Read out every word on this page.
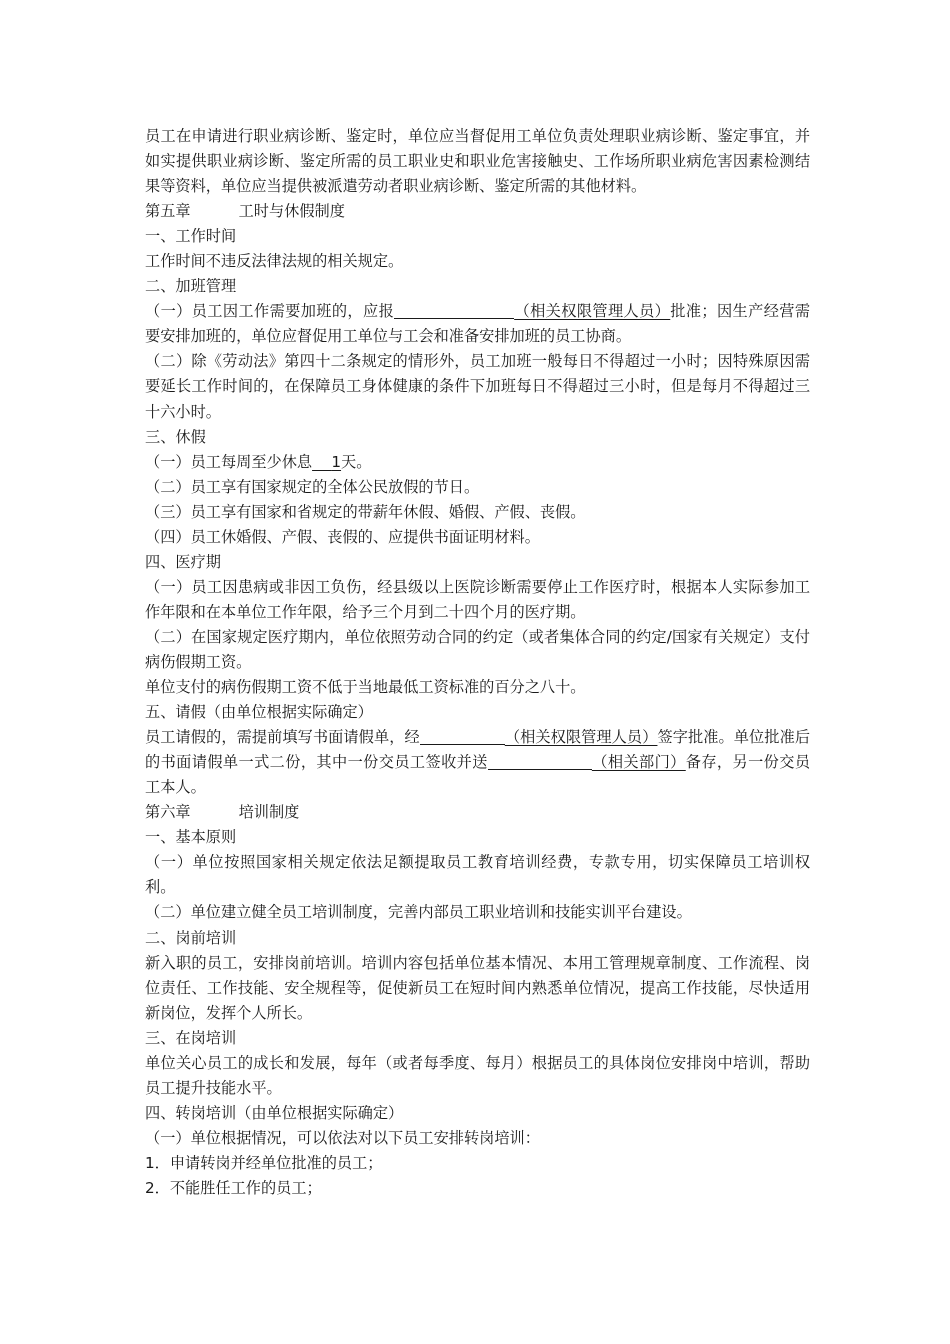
员工在申请进行职业病诊断、鉴定时，单位应当督促用工单位负责处理职业病诊断、鉴定事宜，并如实提供职业病诊断、鉴定所需的员工职业史和职业危害接触史、工作场所职业病危害因素检测结果等资料，单位应当提供被派遣劳动者职业病诊断、鉴定所需的其他材料。

第五章	工时与休假制度

一、工作时间

工作时间不违反法律法规的相关规定。

二、加班管理

（一）员工因工作需要加班的，应报	（相关权限管理人员）批准；因生产经营需要安排加班的，单位应督促用工单位与工会和准备安排加班的员工协商。

（二）除《劳动法》第四十二条规定的情形外，员工加班一般每日不得超过一小时；因特殊原因需要延长工作时间的，在保障员工身体健康的条件下加班每日不得超过三小时，但是每月不得超过三十六小时。

三、休假

（一）员工每周至少休息 1天。

（二）员工享有国家规定的全体公民放假的节日。

（三）员工享有国家和省规定的带薪年休假、婚假、产假、丧假。

（四）员工休婚假、产假、丧假的、应提供书面证明材料。

四、医疗期

（一）员工因患病或非因工负伤，经县级以上医院诊断需要停止工作医疗时，根据本人实际参加工作年限和在本单位工作年限，给予三个月到二十四个月的医疗期。

（二）在国家规定医疗期内，单位依照劳动合同的约定（或者集体合同的约定/国家有关规定）支付病伤假期工资。

单位支付的病伤假期工资不低于当地最低工资标准的百分之八十。

五、请假（由单位根据实际确定）

员工请假的，需提前填写书面请假单，经	（相关权限管理人员）签字批准。单位批准后的书面请假单一式二份，其中一份交员工签收并送	（相关部门）备存，另一份交员工本人。

第六章	培训制度

一、基本原则

（一）单位按照国家相关规定依法足额提取员工教育培训经费，专款专用，切实保障员工培训权利。

（二）单位建立健全员工培训制度，完善内部员工职业培训和技能实训平台建设。

二、岗前培训

新入职的员工，安排岗前培训。培训内容包括单位基本情况、本用工管理规章制度、工作流程、岗位责任、工作技能、安全规程等，促使新员工在短时间内熟悉单位情况，提高工作技能，尽快适用新岗位，发挥个人所长。

三、在岗培训

单位关心员工的成长和发展，每年（或者每季度、每月）根据员工的具体岗位安排岗中培训，帮助员工提升技能水平。

四、转岗培训（由单位根据实际确定）

（一）单位根据情况，可以依法对以下员工安排转岗培训：

1．申请转岗并经单位批准的员工；

2．不能胜任工作的员工；
